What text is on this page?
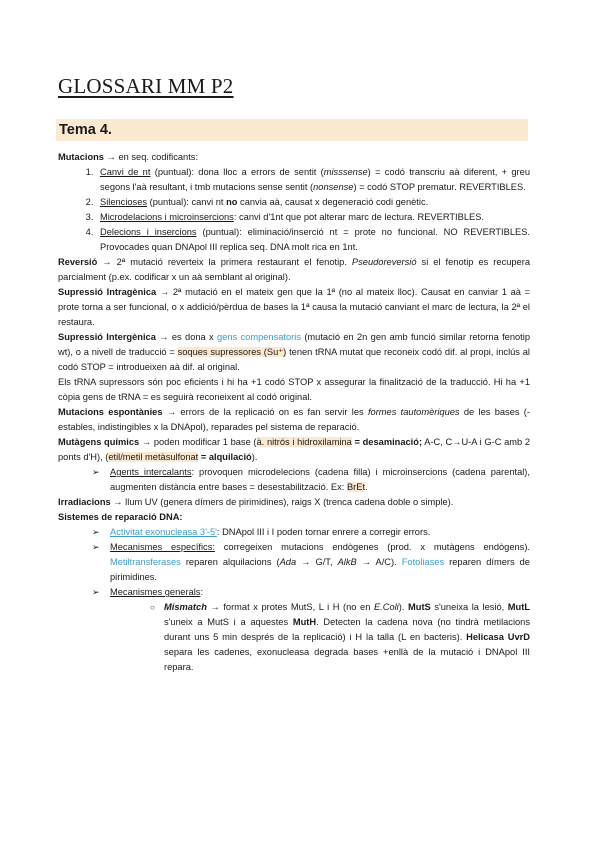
GLOSSARI MM P2
Tema 4.

Mutacions → en seq. codificants:

1. Canvi de nt (puntual): dona lloc a errors de sentit (misssense) = codó transcriu aà diferent, + greu segons l'aà resultant, i tmb mutacions sense sentit (nonsense) = codó STOP prematur. REVERTIBLES.
2. Silencioses (puntual): canvi nt no canvia aà, causat x degeneració codi genètic.
3. Microdelacions i microinsercions: canvi d'1nt que pot alterar marc de lectura. REVERTIBLES.
4. Delecions i insercions (puntual): eliminació/inserció nt = prote no funcional. NO REVERTIBLES. Provocades quan DNApol III replica seq. DNA molt rica en 1nt.

Reversió → 2ª mutació reverteix la primera restaurant el fenotip. Pseudoreversió si el fenotip es recupera parcialment (p.ex. codificar x un aà semblant al original).

Supressió Intragènica → 2ª mutació en el mateix gen que la 1ª (no al mateix lloc). Causat en canviar 1 aà = prote torna a ser funcional, o x addició/pèrdua de bases la 1ª causa la mutació canviant el marc de lectura, la 2ª el restaura.

Supressió Intergènica → es dona x gens compensatoris (mutació en 2n gen amb funció similar retorna fenotip wt), o a nivell de traducció = soques supressores (Su⁺) tenen tRNA mutat que reconeix codó dif. al propi, inclús al codó STOP = introdueixen aà dif. al original.

Els tRNA supressors són poc eficients i hi ha +1 codó STOP x assegurar la finalització de la traducció. Hi ha +1 còpia gens de tRNA = es seguirà reconeixent al codó original.

Mutacions espontànies → errors de la replicació on es fan servir les formes tautomèriques de les bases (-estables, indistingibles x la DNApol), reparades pel sistema de reparació.

Mutàgens químics → poden modificar 1 base (à. nitrós i hidroxilamina = desaminació; A-C, C→U-A i G-C amb 2 ponts d'H), (etil/metil metàsulfonat = alquilació).

➢ Agents intercalants: provoquen microdelecions (cadena filla) i microinsercions (cadena parental), augmenten distància entre bases = desestabilització. Ex: BrEt.

Irradiacions → llum UV (genera dímers de pirimidines), raigs X (trenca cadena doble o simple).

Sistemes de reparació DNA:

➢ Activitat exonucleasa 3'-5': DNApol III i I poden tornar enrere a corregir errors.
➢ Mecanismes específics: corregeixen mutacions endògenes (prod. x mutàgens endògens). Metiltransferases reparen alquilacions (Ada → G/T, AlkB → A/C). Fotoliases reparen dímers de pirimidines.
➢ Mecanismes generals:
○ Mismatch → format x protes MutS, L i H (no en E.Coli). MutS s'uneixa la lesió, MutL s'uneix a MutS i a aquestes MutH. Detecten la cadena nova (no tindrà metilacions durant uns 5 min després de la replicació) i H la talla (L en bacteris). Helicasa UvrD separa les cadenes, exonucleasa degrada bases +enllà de la mutació i DNApol III repara.
